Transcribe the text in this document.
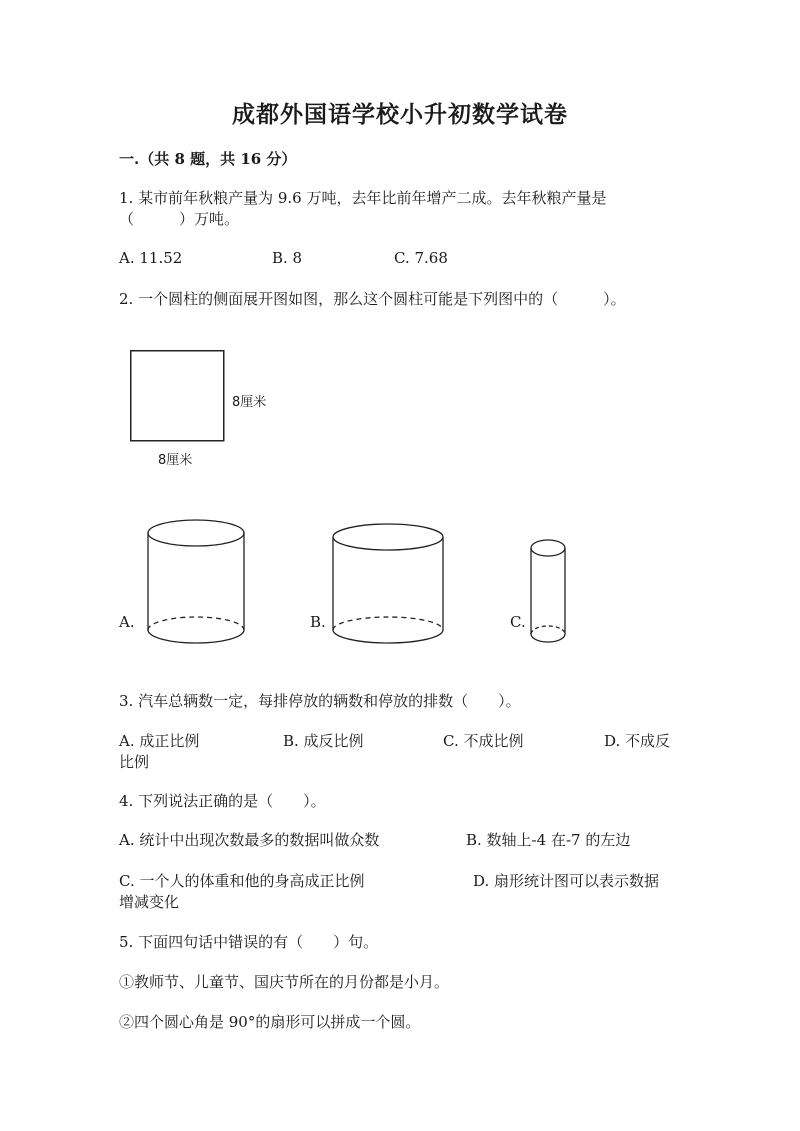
成都外国语学校小升初数学试卷
一.（共 8 题，共 16 分）
1. 某市前年秋粮产量为 9.6 万吨，去年比前年增产二成。去年秋粮产量是
（　　　）万吨。
A. 11.52	B. 8	C. 7.68
2. 一个圆柱的侧面展开图如图，那么这个圆柱可能是下列图中的（　　　）。
8厘米
8厘米
A.	B.	C.
3. 汽车总辆数一定，每排停放的辆数和停放的排数（　　）。
A. 成正比例	B. 成反比例	C. 不成比例	D. 不成反
比例
4. 下列说法正确的是（　　）。
A. 统计中出现次数最多的数据叫做众数	B. 数轴上-4 在-7 的左边
C. 一个人的体重和他的身高成正比例	D. 扇形统计图可以表示数据
增减变化
5. 下面四句话中错误的有（　　）句。
①教师节、儿童节、国庆节所在的月份都是小月。
②四个圆心角是 90°的扇形可以拼成一个圆。
